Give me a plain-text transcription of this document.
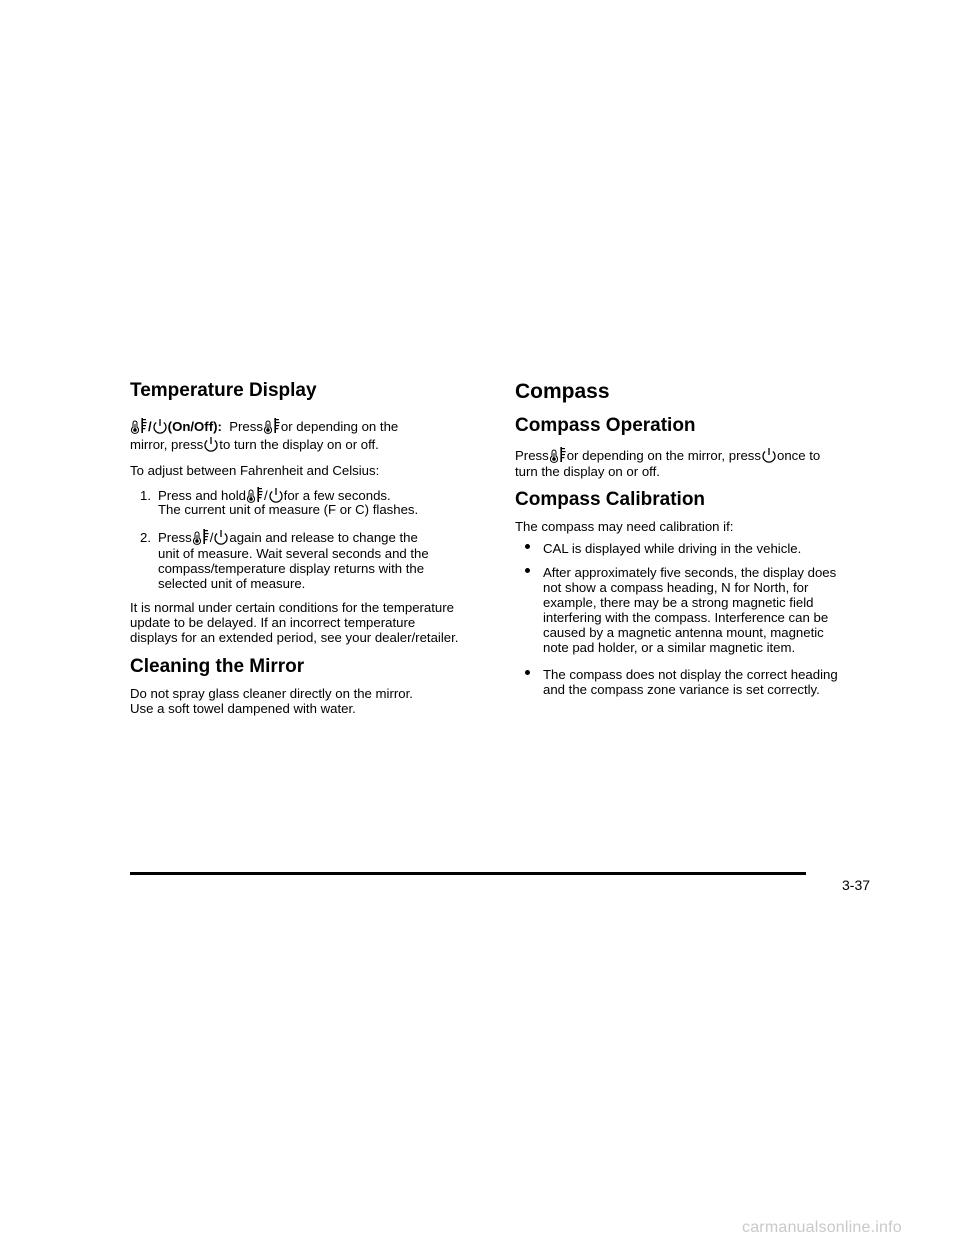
Temperature Display
/ (On/Off): Press or depending on the
mirror, press to turn the display on or off.
To adjust between Fahrenheit and Celsius:
1. Press and hold / for a few seconds.
The current unit of measure (F or C) flashes.
2. Press / again and release to change the
unit of measure. Wait several seconds and the
compass/temperature display returns with the
selected unit of measure.
It is normal under certain conditions for the temperature
update to be delayed. If an incorrect temperature
displays for an extended period, see your dealer/retailer.
Cleaning the Mirror
Do not spray glass cleaner directly on the mirror.
Use a soft towel dampened with water.
Compass
Compass Operation
Press or depending on the mirror, press once to
turn the display on or off.
Compass Calibration
The compass may need calibration if:
CAL is displayed while driving in the vehicle.
After approximately five seconds, the display does
not show a compass heading, N for North, for
example, there may be a strong magnetic field
interfering with the compass. Interference can be
caused by a magnetic antenna mount, magnetic
note pad holder, or a similar magnetic item.
The compass does not display the correct heading
and the compass zone variance is set correctly.
3-37
carmanualsonline.info
